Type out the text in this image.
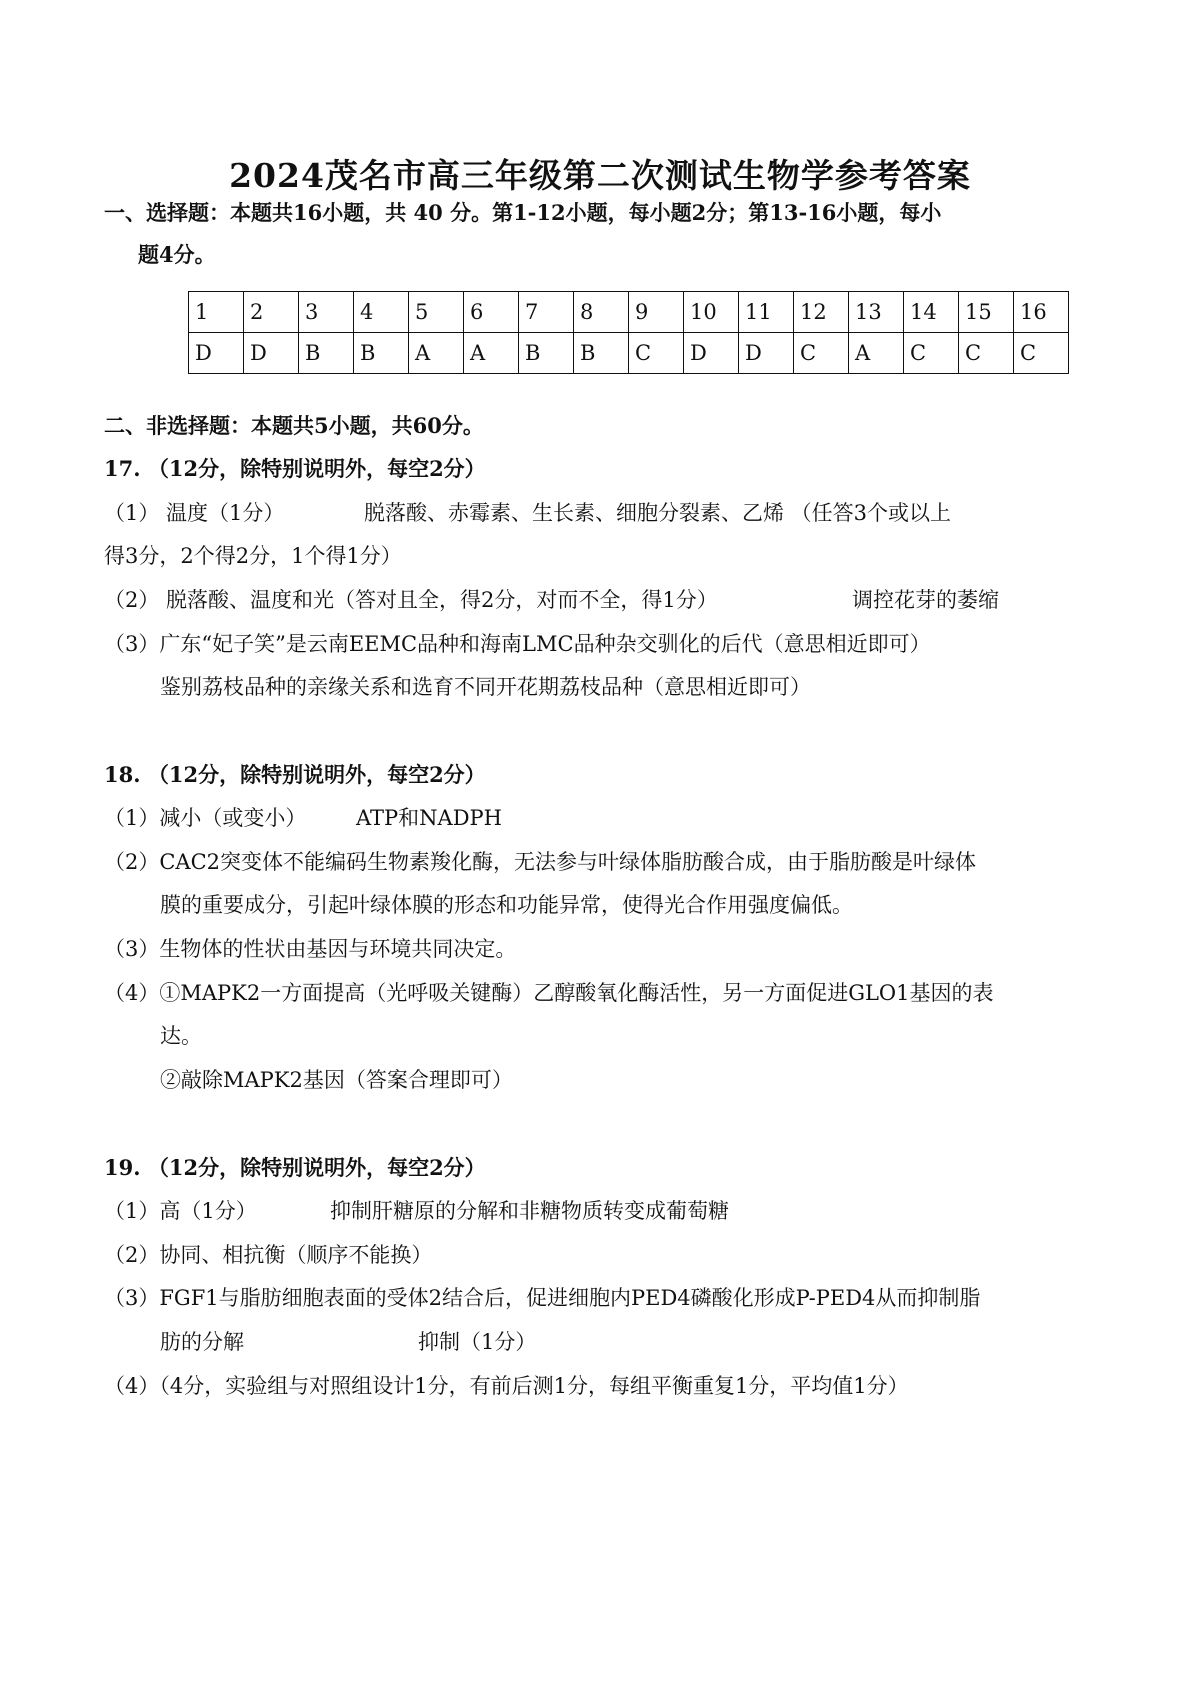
2024茂名市高三年级第二次测试生物学参考答案
一、选择题：本题共16小题，共 40 分。第1-12小题，每小题2分；第13-16小题，每小
题4分。
1	2	3	4	5	6	7	8	9	10	11	12	13	14	15	16
D	D	B	B	A	A	B	B	C	D	D	C	A	C	C	C
二、非选择题：本题共5小题，共60分。
17. （12分，除特别说明外，每空2分）
（1） 温度（1分）	脱落酸、赤霉素、生长素、细胞分裂素、乙烯 （任答3个或以上
得3分，2个得2分，1个得1分）
（2） 脱落酸、温度和光（答对且全，得2分，对而不全，得1分）	调控花芽的萎缩
（3）广东“妃子笑”是云南EEMC品种和海南LMC品种杂交驯化的后代（意思相近即可）
鉴别荔枝品种的亲缘关系和选育不同开花期荔枝品种（意思相近即可）
18. （12分，除特别说明外，每空2分）
（1）减小（或变小） ATP和NADPH
（2）CAC2突变体不能编码生物素羧化酶，无法参与叶绿体脂肪酸合成，由于脂肪酸是叶绿体
膜的重要成分，引起叶绿体膜的形态和功能异常，使得光合作用强度偏低。
（3）生物体的性状由基因与环境共同决定。
（4）①MAPK2一方面提高（光呼吸关键酶）乙醇酸氧化酶活性，另一方面促进GLO1基因的表
达。
②敲除MAPK2基因（答案合理即可）
19. （12分，除特别说明外，每空2分）
（1）高（1分）	抑制肝糖原的分解和非糖物质转变成葡萄糖
（2）协同、相抗衡（顺序不能换）
（3）FGF1与脂肪细胞表面的受体2结合后，促进细胞内PED4磷酸化形成P-PED4从而抑制脂
肪的分解	抑制（1分）
（4）（4分，实验组与对照组设计1分，有前后测1分，每组平衡重复1分，平均值1分）
